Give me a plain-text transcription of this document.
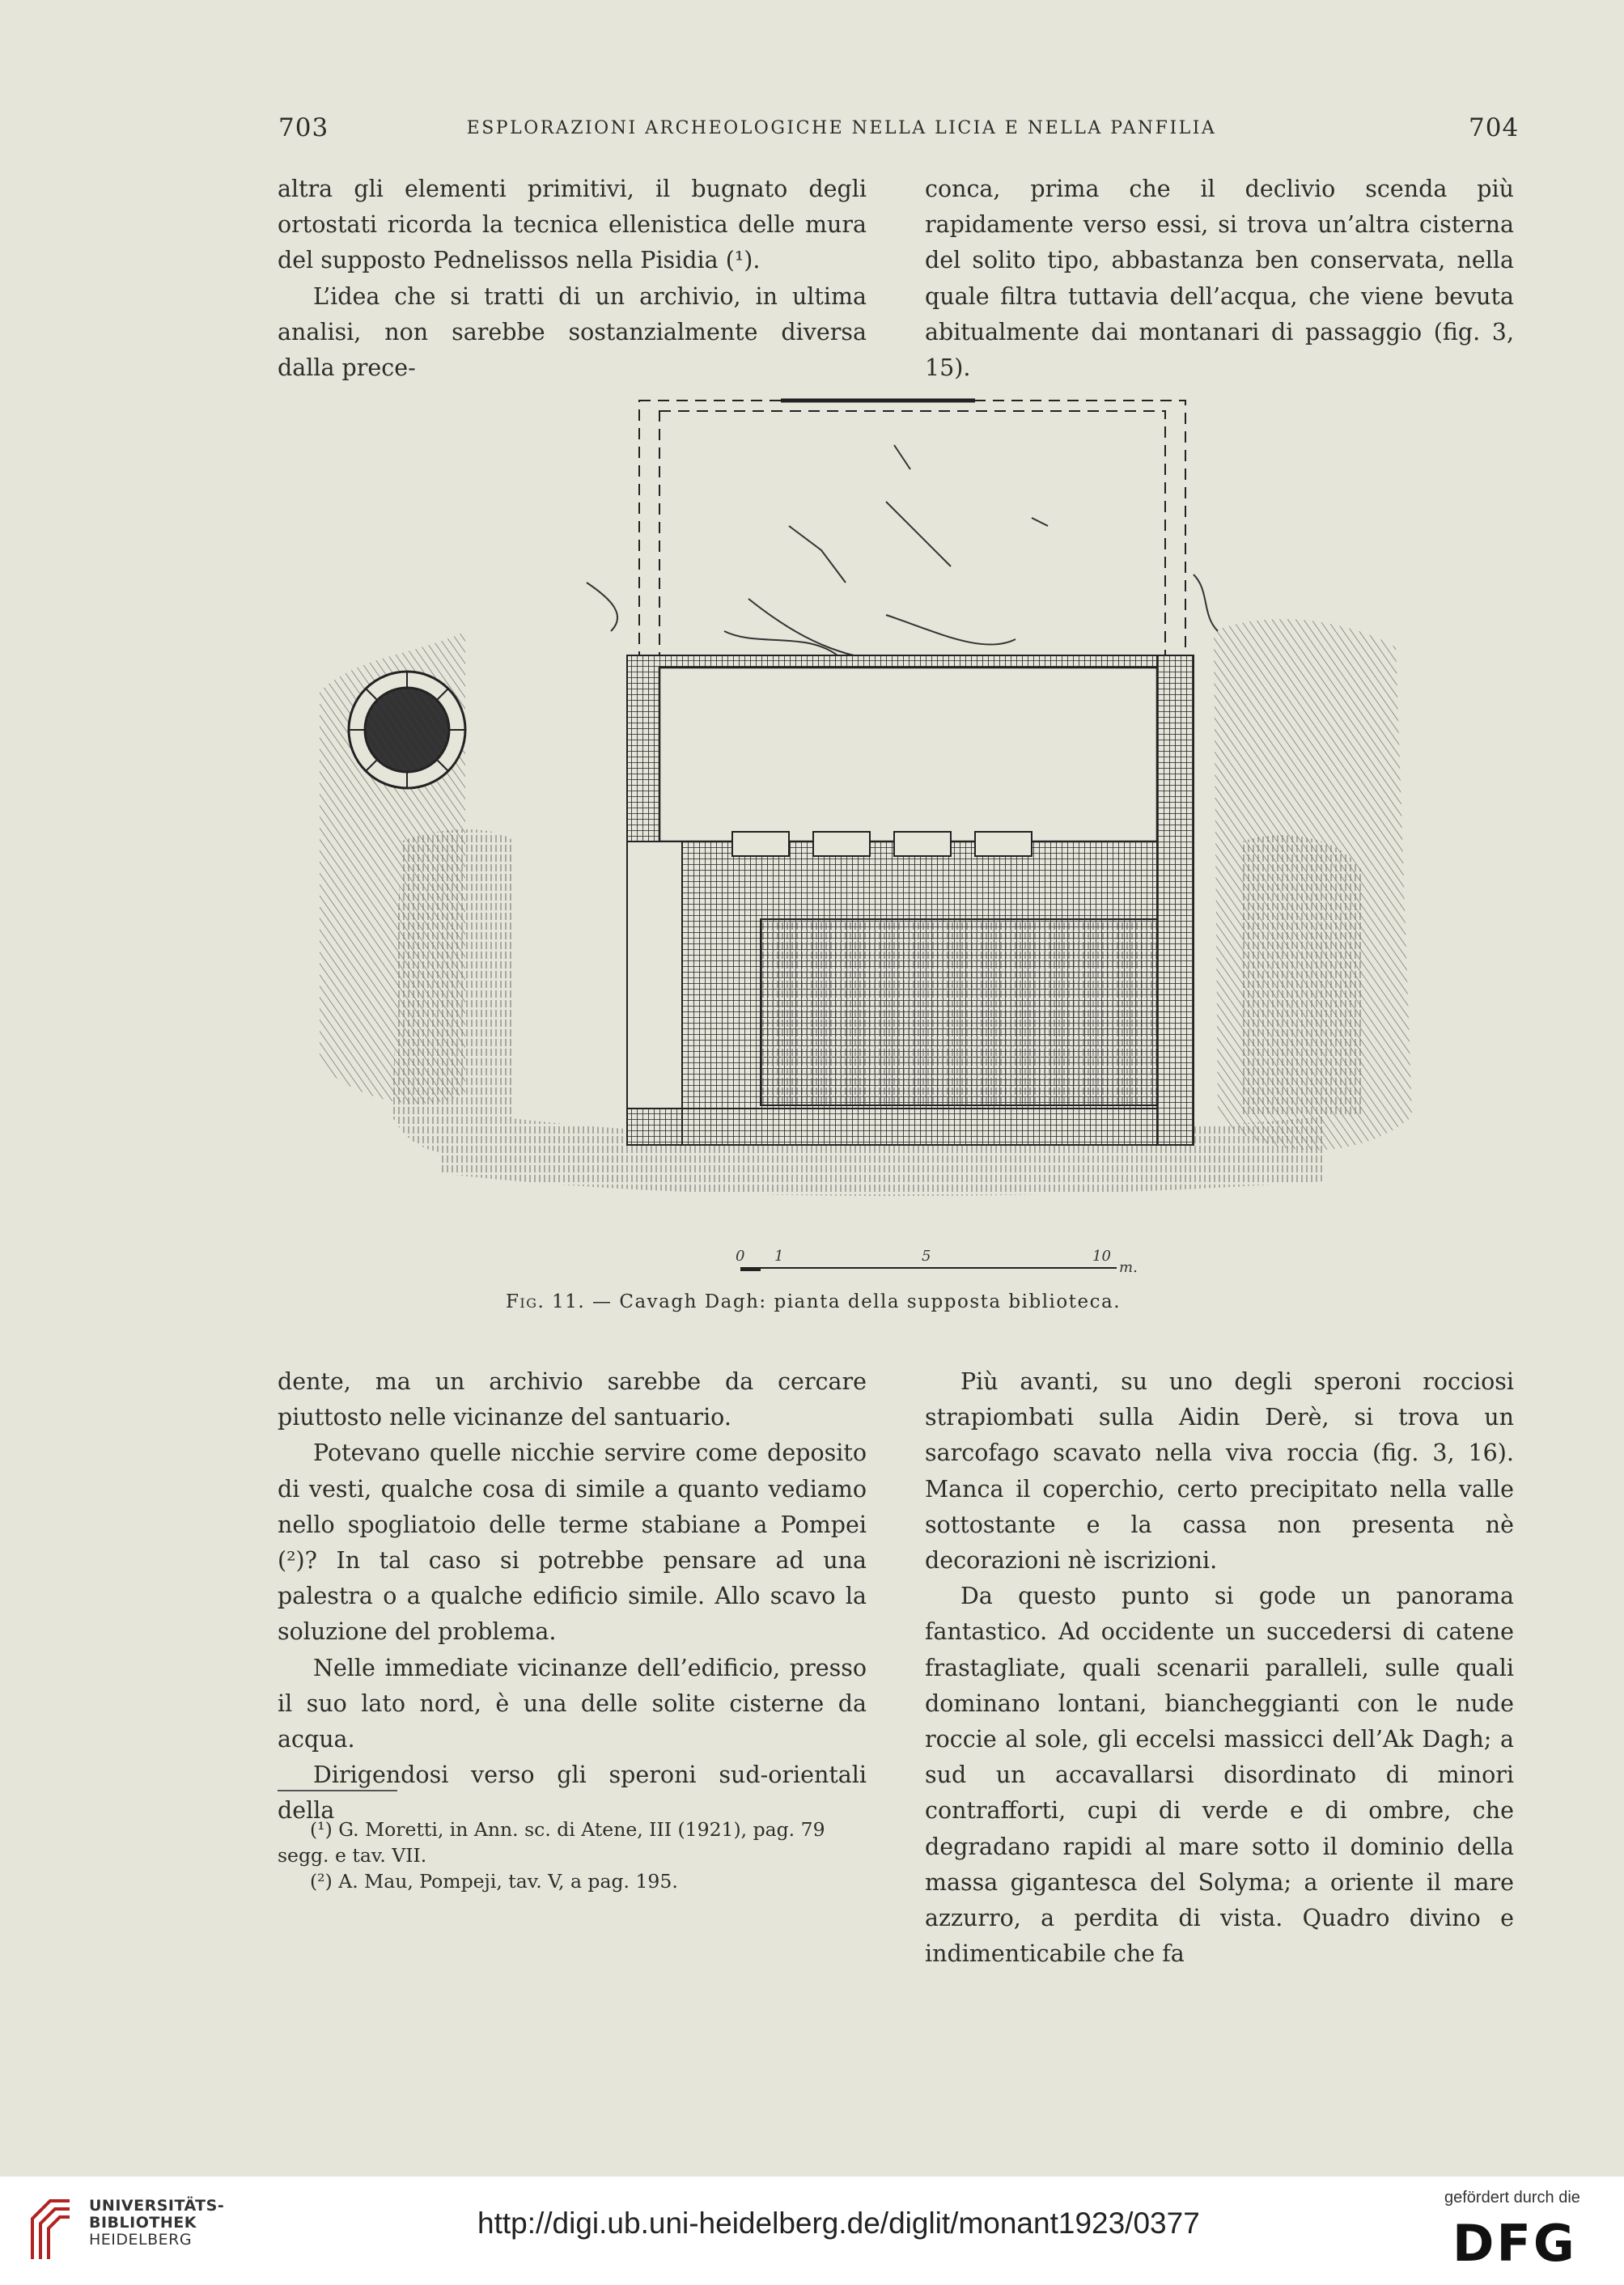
703	ESPLORAZIONI ARCHEOLOGICHE NELLA LICIA E NELLA PANFILIA	704

altra gli elementi primitivi, il bugnato degli ortostati ricorda la tecnica ellenistica delle mura del supposto Pednelissos nella Pisidia (¹).

L’idea che si tratti di un archivio, in ultima analisi, non sarebbe sostanzialmente diversa dalla prece-

conca, prima che il declivio scenda più rapidamente verso essi, si trova un’altra cisterna del solito tipo, abbastanza ben conservata, nella quale filtra tuttavia dell’acqua, che viene bevuta abitualmente dai montanari di passaggio (fig. 3, 15).

0 1	5	10
m.
Fig. 11. — Cavagh Dagh: pianta della supposta biblioteca.

dente, ma un archivio sarebbe da cercare piuttosto nelle vicinanze del santuario.

Potevano quelle nicchie servire come deposito di vesti, qualche cosa di simile a quanto vediamo nello spogliatoio delle terme stabiane a Pompei (²)? In tal caso si potrebbe pensare ad una palestra o a qualche edificio simile. Allo scavo la soluzione del problema.

Nelle immediate vicinanze dell’edificio, presso il suo lato nord, è una delle solite cisterne da acqua.

Dirigendosi verso gli speroni sud-orientali della

Più avanti, su uno degli speroni rocciosi strapiombati sulla Aidin Derè, si trova un sarcofago scavato nella viva roccia (fig. 3, 16). Manca il coperchio, certo precipitato nella valle sottostante e la cassa non presenta nè decorazioni nè iscrizioni.

Da questo punto si gode un panorama fantastico. Ad occidente un succedersi di catene frastagliate, quali scenarii paralleli, sulle quali dominano lontani, biancheggianti con le nude roccie al sole, gli eccelsi massicci dell’Ak Dagh; a sud un accavallarsi disordinato di minori contrafforti, cupi di verde e di ombre, che degradano rapidi al mare sotto il dominio della massa gigantesca del Solyma; a oriente il mare azzurro, a perdita di vista. Quadro divino e indimenticabile che fa

(¹) G. Moretti, in Ann. sc. di Atene, III (1921), pag. 79 segg. e tav. VII.

(²) A. Mau, Pompeji, tav. V, a pag. 195.

UNIVERSITÄTS-
BIBLIOTHEK
HEIDELBERG	http://digi.ub.uni-heidelberg.de/diglit/monant1923/0377
gefördert durch die
DFG
